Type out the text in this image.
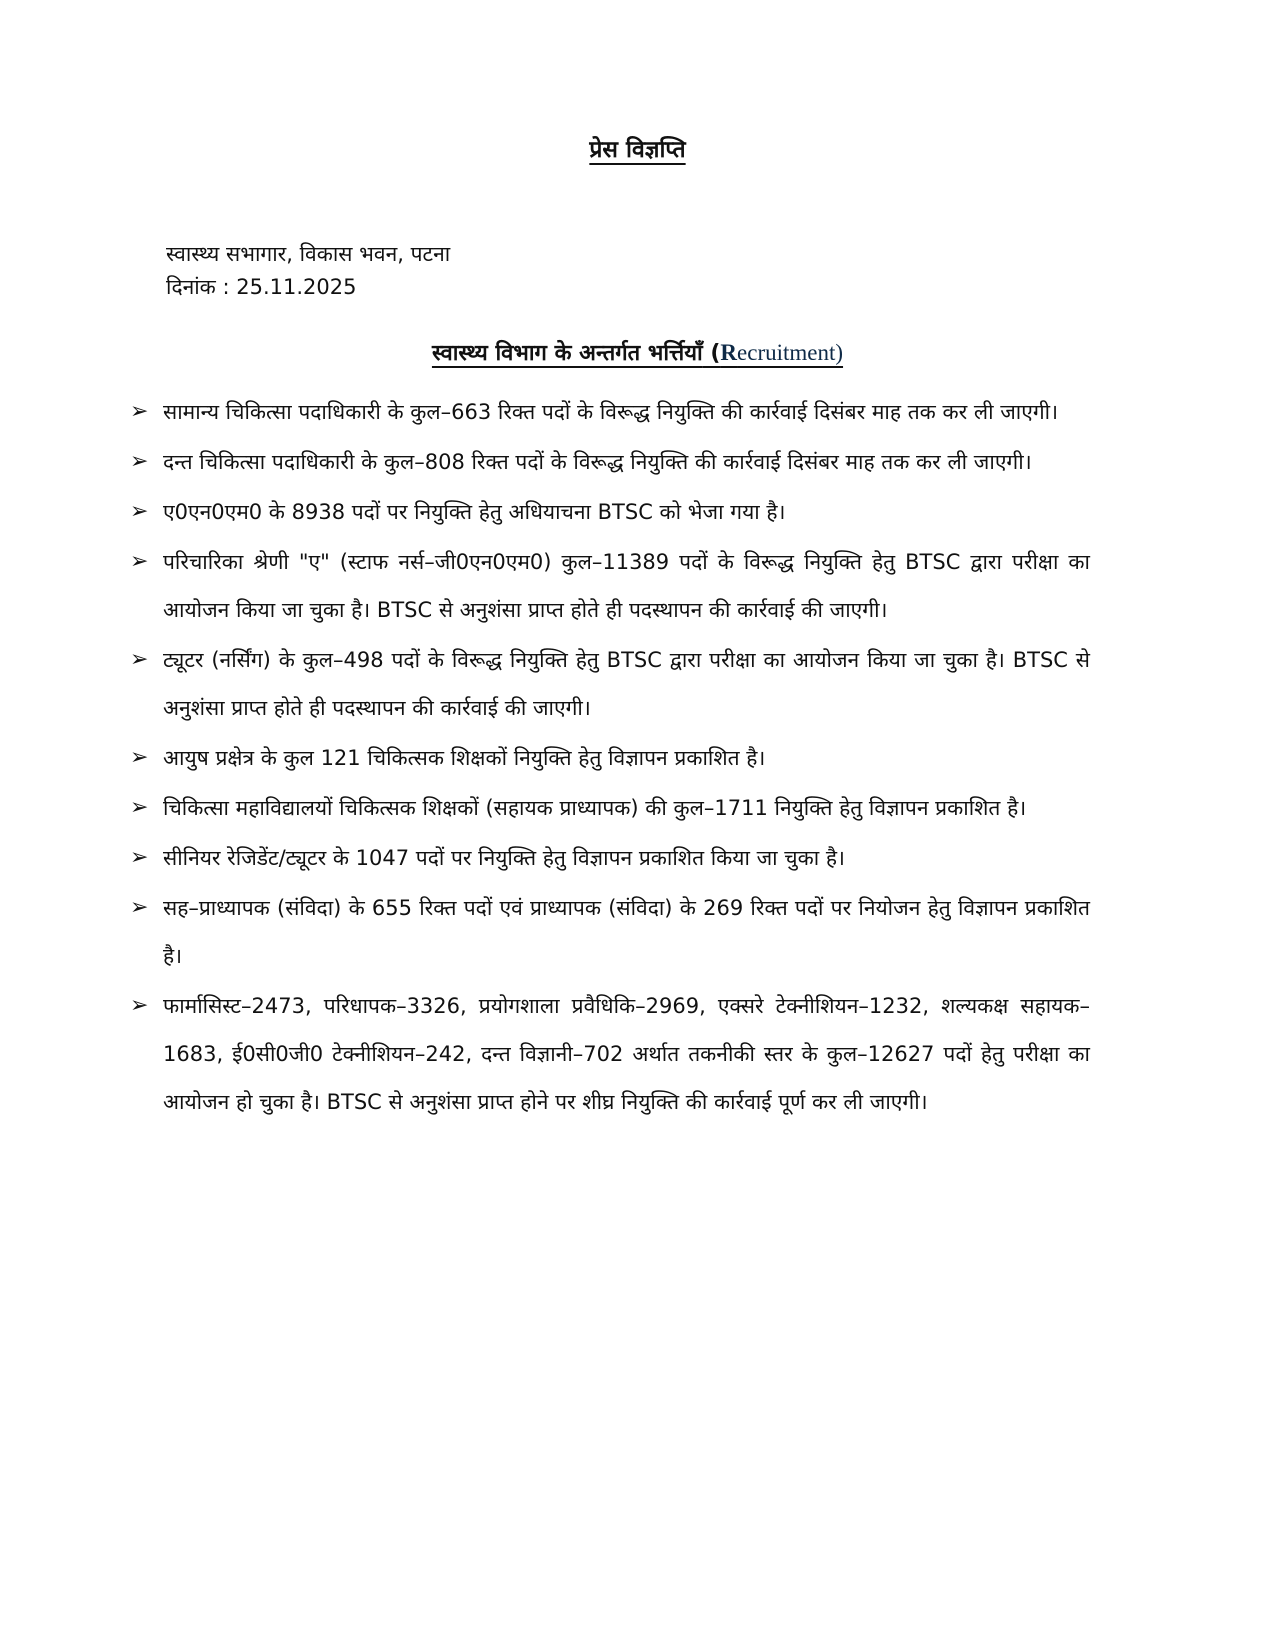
प्रेस विज्ञप्ति
स्वास्थ्य सभागार, विकास भवन, पटना
दिनांक : 25.11.2025
स्वास्थ्य विभाग के अन्तर्गत भर्त्तियाँ (Recruitment)
➢ सामान्य चिकित्सा पदाधिकारी के कुल–663 रिक्त पदों के विरूद्ध नियुक्ति की कार्रवाई दिसंबर माह तक कर ली जाएगी।
➢ दन्त चिकित्सा पदाधिकारी के कुल–808 रिक्त पदों के विरूद्ध नियुक्ति की कार्रवाई दिसंबर माह तक कर ली जाएगी।
➢ ए0एन0एम0 के 8938 पदों पर नियुक्ति हेतु अधियाचना BTSC को भेजा गया है।
➢ परिचारिका श्रेणी "ए" (स्टाफ नर्स–जी0एन0एम0) कुल–11389 पदों के विरूद्ध नियुक्ति हेतु BTSC द्वारा परीक्षा का आयोजन किया जा चुका है। BTSC से अनुशंसा प्राप्त होते ही पदस्थापन की कार्रवाई की जाएगी।
➢ ट्यूटर (नर्सिंग) के कुल–498 पदों के विरूद्ध नियुक्ति हेतु BTSC द्वारा परीक्षा का आयोजन किया जा चुका है। BTSC से अनुशंसा प्राप्त होते ही पदस्थापन की कार्रवाई की जाएगी।
➢ आयुष प्रक्षेत्र के कुल 121 चिकित्सक शिक्षकों नियुक्ति हेतु विज्ञापन प्रकाशित है।
➢ चिकित्सा महाविद्यालयों चिकित्सक शिक्षकों (सहायक प्राध्यापक) की कुल–1711 नियुक्ति हेतु विज्ञापन प्रकाशित है।
➢ सीनियर रेजिडेंट/ट्यूटर के 1047 पदों पर नियुक्ति हेतु विज्ञापन प्रकाशित किया जा चुका है।
➢ सह–प्राध्यापक (संविदा) के 655 रिक्त पदों एवं प्राध्यापक (संविदा) के 269 रिक्त पदों पर नियोजन हेतु विज्ञापन प्रकाशित है।
➢ फार्मासिस्ट–2473, परिधापक–3326, प्रयोगशाला प्रवैधिकि–2969, एक्सरे टेक्नीशियन–1232, शल्यकक्ष सहायक–1683, ई0सी0जी0 टेक्नीशियन–242, दन्त विज्ञानी–702 अर्थात तकनीकी स्तर के कुल–12627 पदों हेतु परीक्षा का आयोजन हो चुका है। BTSC से अनुशंसा प्राप्त होने पर शीघ्र नियुक्ति की कार्रवाई पूर्ण कर ली जाएगी।
